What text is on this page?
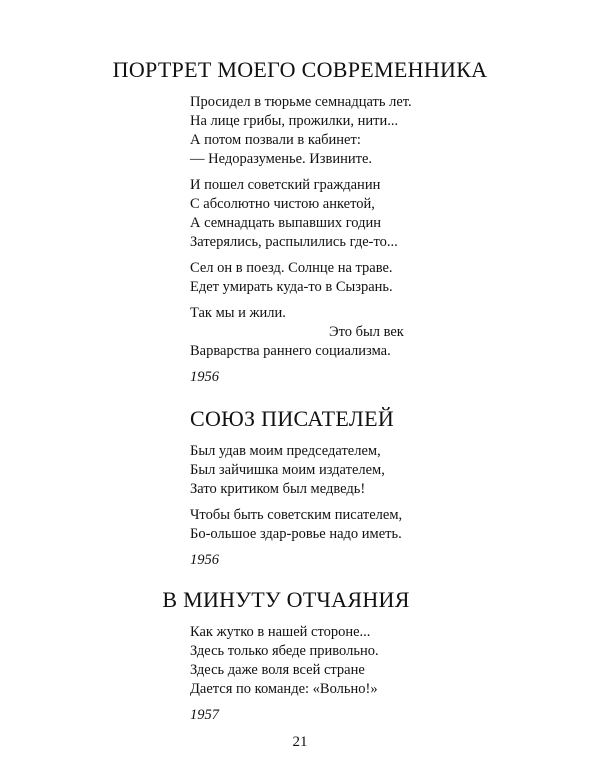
ПОРТРЕТ МОЕГО СОВРЕМЕННИКА
Просидел в тюрьме семнадцать лет.
На лице грибы, прожилки, нити...
А потом позвали в кабинет:
— Недоразуменье. Извините.
И пошел советский гражданин
С абсолютно чистою анкетой,
А семнадцать выпавших годин
Затерялись, распылились где-то...
Сел он в поезд. Солнце на траве.
Едет умирать куда-то в Сызрань.
Так мы и жили.
Это был век
Варварства раннего социализма.
1956
СОЮЗ ПИСАТЕЛЕЙ
Был удав моим председателем,
Был зайчишка моим издателем,
Зато критиком был медведь!
Чтобы быть советским писателем,
Бо-ольшое здар-ровье надо иметь.
1956
В МИНУТУ ОТЧАЯНИЯ
Как жутко в нашей стороне...
Здесь только ябеде привольно.
Здесь даже воля всей стране
Дается по команде: «Вольно!»
1957
21
